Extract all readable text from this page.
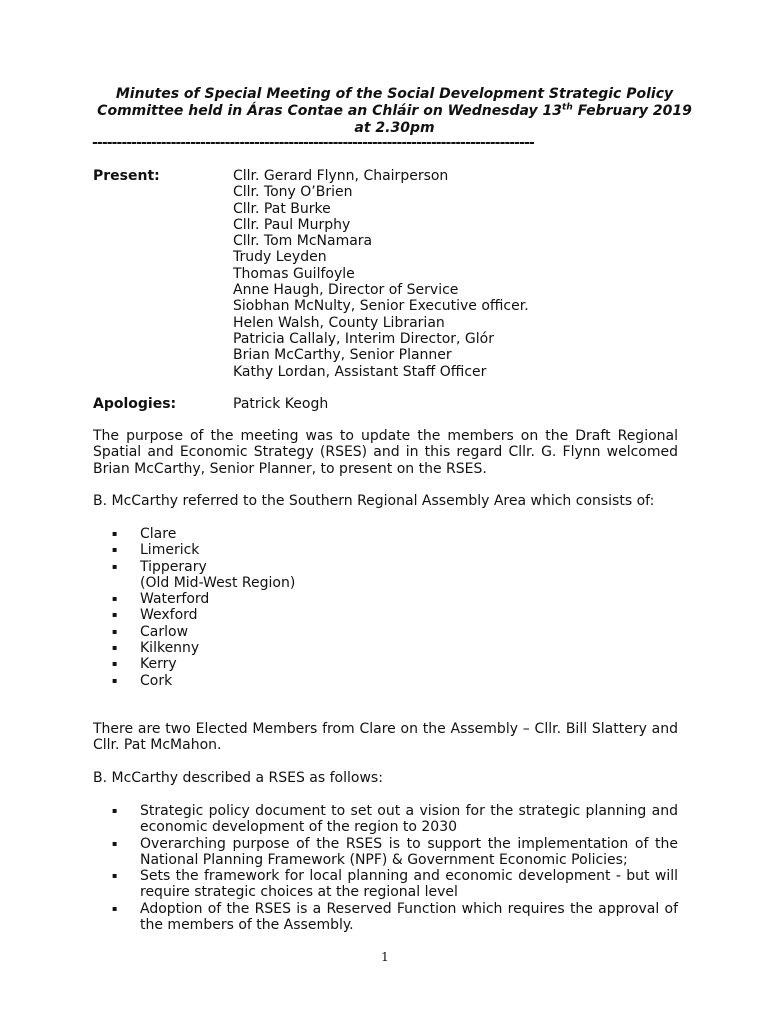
Minutes of Special Meeting of the Social Development Strategic Policy
Committee held in Áras Contae an Chláir on Wednesday 13th February 2019
at 2.30pm
------------------------------------------------------------------------------------------
Present:	Cllr. Gerard Flynn, Chairperson
Cllr. Tony O’Brien
Cllr. Pat Burke
Cllr. Paul Murphy
Cllr. Tom McNamara
Trudy Leyden
Thomas Guilfoyle
Anne Haugh, Director of Service
Siobhan McNulty, Senior Executive officer.
Helen Walsh, County Librarian
Patricia Callaly, Interim Director, Glór
Brian McCarthy, Senior Planner
Kathy Lordan, Assistant Staff Officer
Apologies:	Patrick Keogh

The purpose of the meeting was to update the members on the Draft Regional Spatial and Economic Strategy (RSES) and in this regard Cllr. G. Flynn welcomed Brian McCarthy, Senior Planner, to present on the RSES.

B. McCarthy referred to the Southern Regional Assembly Area which consists of:

▪ Clare
▪ Limerick
▪ Tipperary
(Old Mid-West Region)
▪ Waterford
▪ Wexford
▪ Carlow
▪ Kilkenny
▪ Kerry
▪ Cork

There are two Elected Members from Clare on the Assembly – Cllr. Bill Slattery and Cllr. Pat McMahon.

B. McCarthy described a RSES as follows:

▪ Strategic policy document to set out a vision for the strategic planning and economic development of the region to 2030
▪ Overarching purpose of the RSES is to support the implementation of the National Planning Framework (NPF) & Government Economic Policies;
▪ Sets the framework for local planning and economic development - but will require strategic choices at the regional level
▪ Adoption of the RSES is a Reserved Function which requires the approval of the members of the Assembly.
1
